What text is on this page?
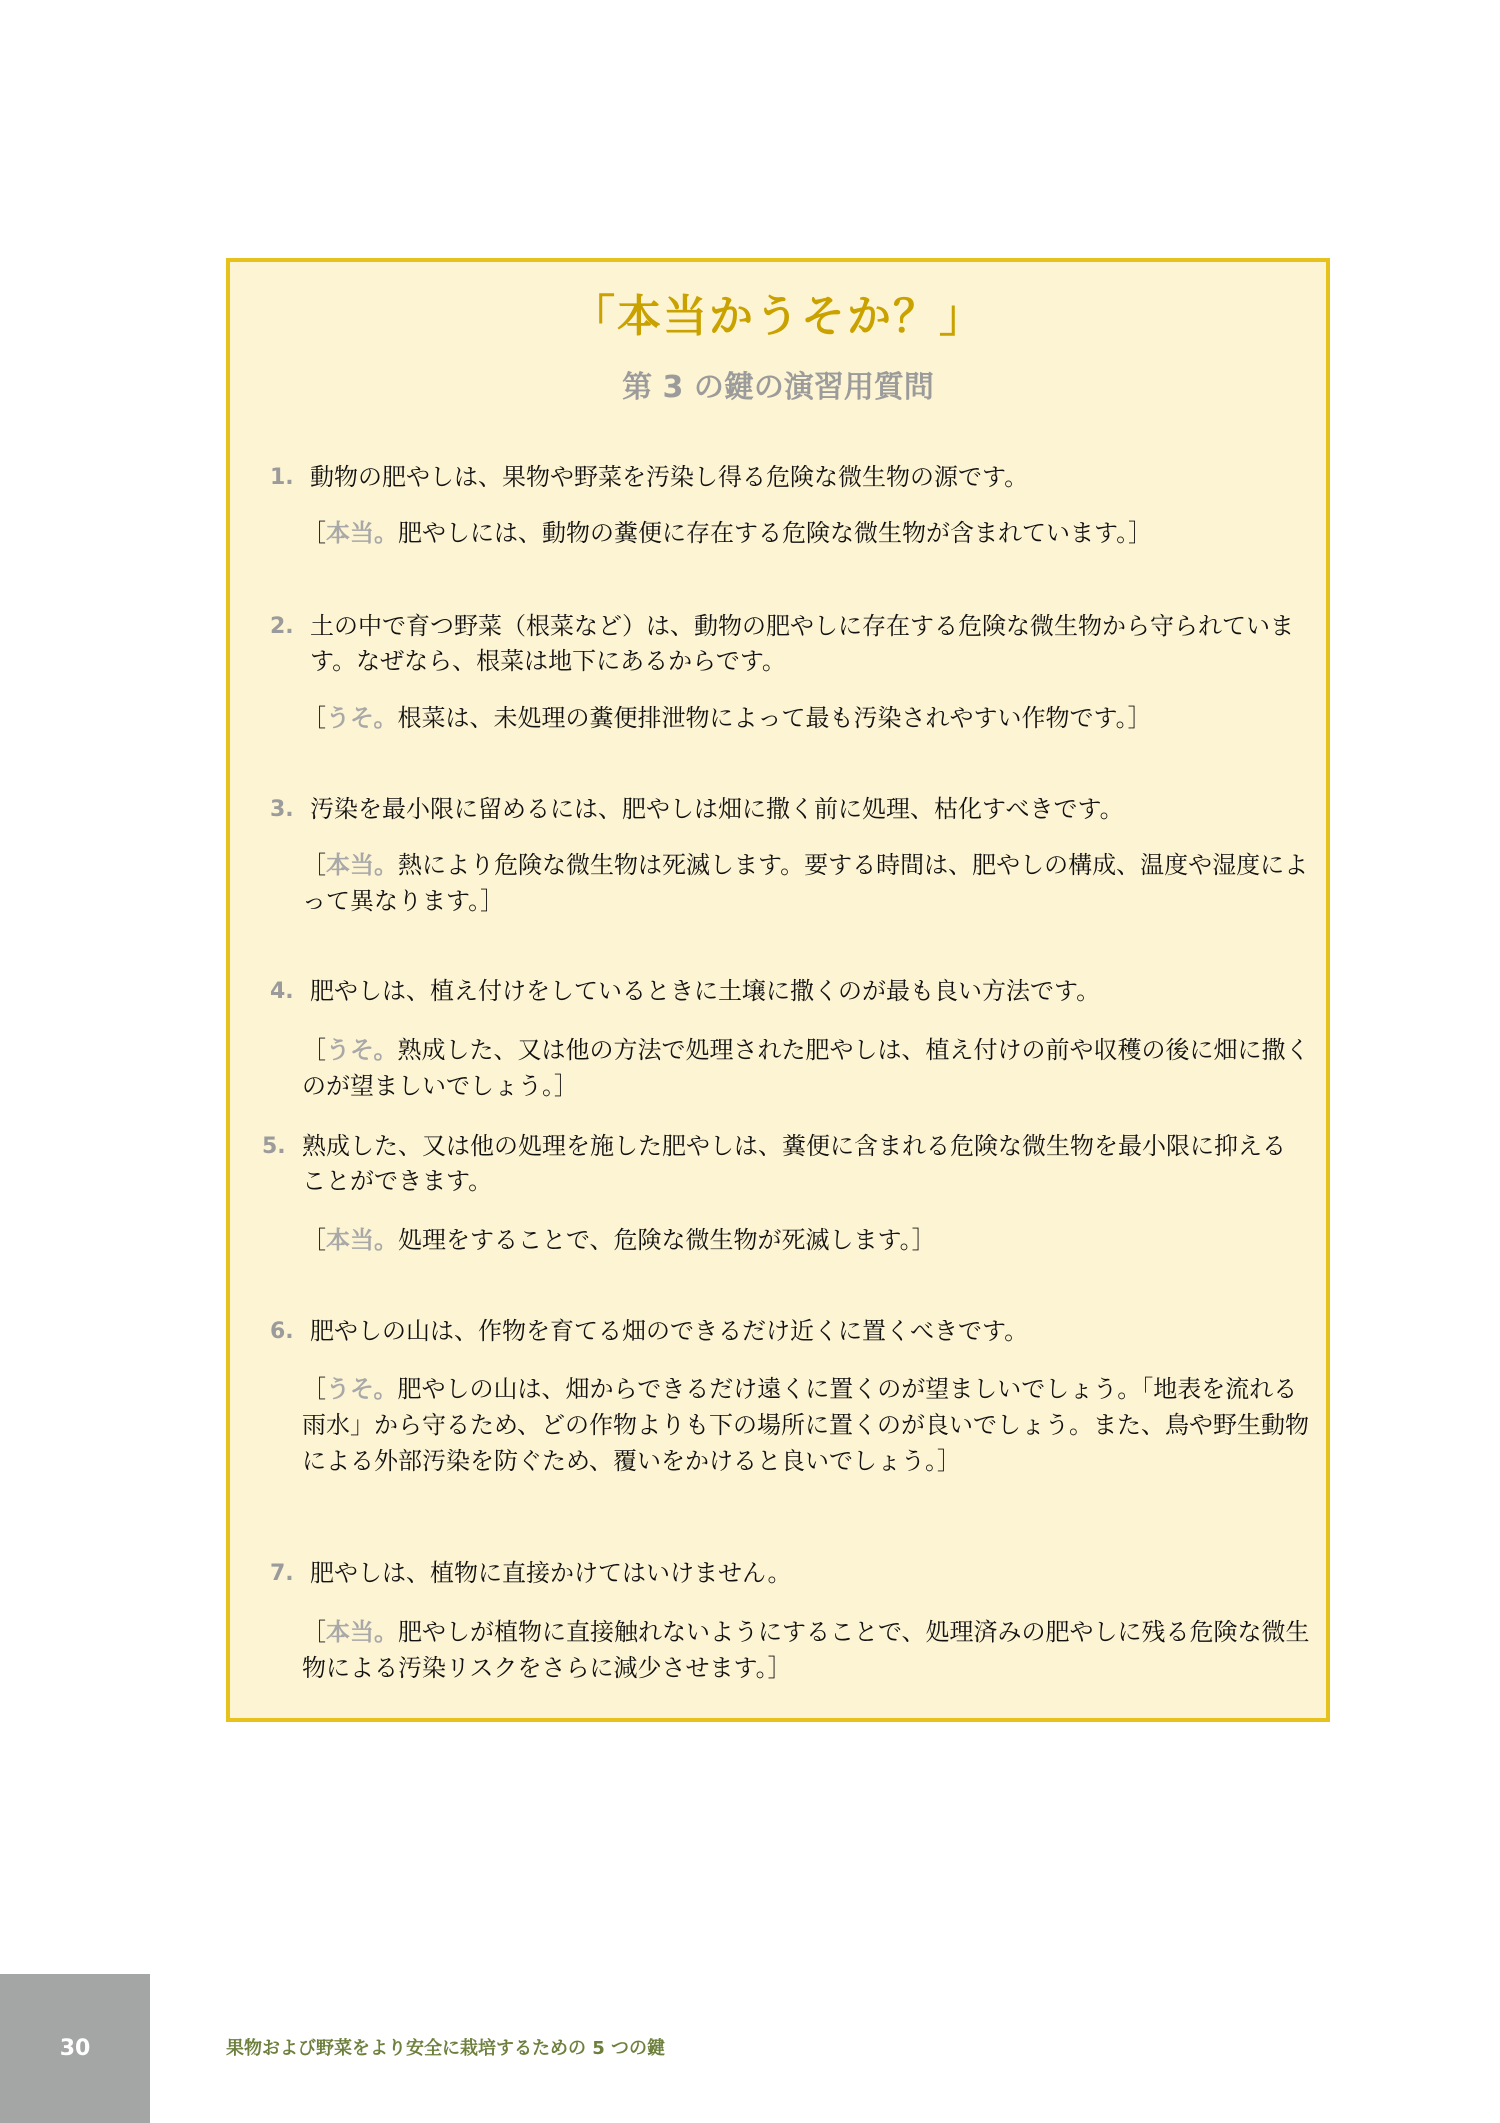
「本当かうそか？」
第 3 の鍵の演習用質問
1. 動物の肥やしは、果物や野菜を汚染し得る危険な微生物の源です。
［本当。肥やしには、動物の糞便に存在する危険な微生物が含まれています。］
2. 土の中で育つ野菜（根菜など）は、動物の肥やしに存在する危険な微生物から守られています。なぜなら、根菜は地下にあるからです。
［うそ。根菜は、未処理の糞便排泄物によって最も汚染されやすい作物です。］
3. 汚染を最小限に留めるには、肥やしは畑に撒く前に処理、枯化すべきです。
［本当。熱により危険な微生物は死滅します。要する時間は、肥やしの構成、温度や湿度によって異なります。］
4. 肥やしは、植え付けをしているときに土壌に撒くのが最も良い方法です。
［うそ。熟成した、又は他の方法で処理された肥やしは、植え付けの前や収穫の後に畑に撒くのが望ましいでしょう。］
5. 熟成した、又は他の処理を施した肥やしは、糞便に含まれる危険な微生物を最小限に抑えることができます。
［本当。処理をすることで、危険な微生物が死滅します。］
6. 肥やしの山は、作物を育てる畑のできるだけ近くに置くべきです。
［うそ。肥やしの山は、畑からできるだけ遠くに置くのが望ましいでしょう。「地表を流れる雨水」から守るため、どの作物よりも下の場所に置くのが良いでしょう。また、鳥や野生動物による外部汚染を防ぐため、覆いをかけると良いでしょう。］
7. 肥やしは、植物に直接かけてはいけません。
［本当。肥やしが植物に直接触れないようにすることで、処理済みの肥やしに残る危険な微生物による汚染リスクをさらに減少させます。］
30	果物および野菜をより安全に栽培するための 5 つの鍵
